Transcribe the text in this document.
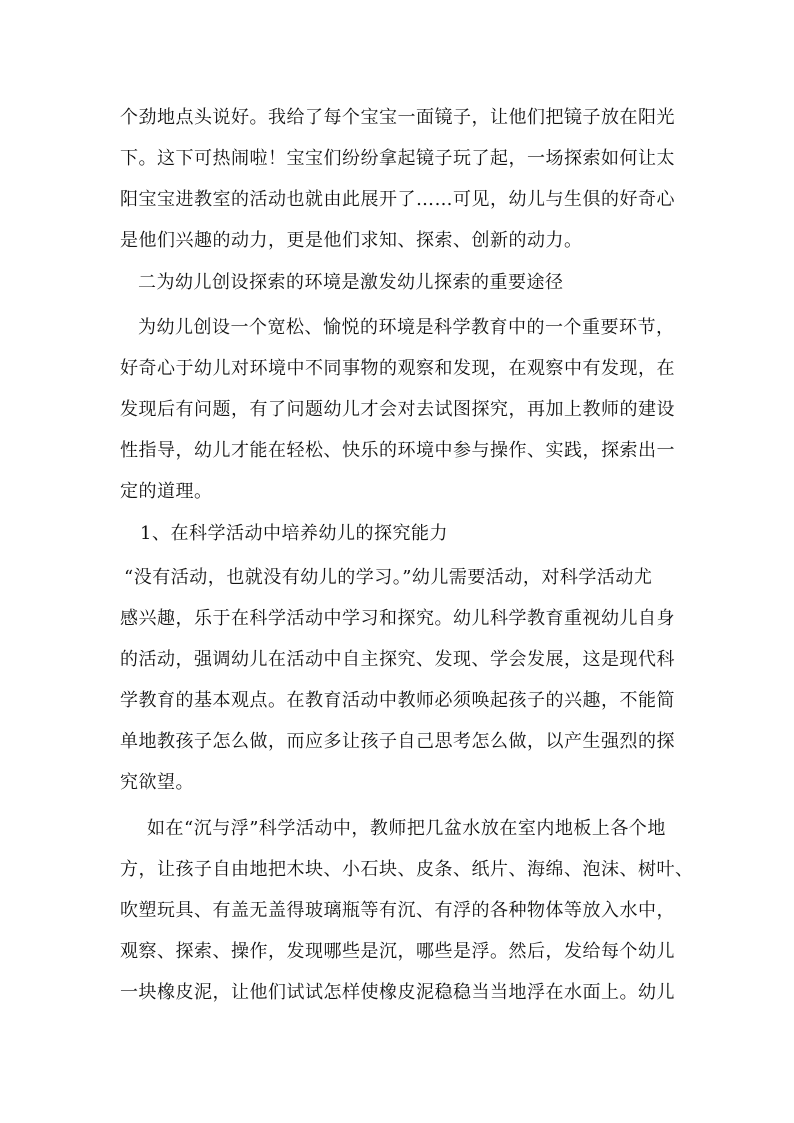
个劲地点头说好。我给了每个宝宝一面镜子，让他们把镜子放在阳光
下。这下可热闹啦！宝宝们纷纷拿起镜子玩了起，一场探索如何让太
阳宝宝进教室的活动也就由此展开了……可见，幼儿与生俱的好奇心
是他们兴趣的动力，更是他们求知、探索、创新的动力。
二为幼儿创设探索的环境是激发幼儿探索的重要途径
为幼儿创设一个宽松、愉悦的环境是科学教育中的一个重要环节，
好奇心于幼儿对环境中不同事物的观察和发现，在观察中有发现，在
发现后有问题，有了问题幼儿才会对去试图探究，再加上教师的建设
性指导，幼儿才能在轻松、快乐的环境中参与操作、实践，探索出一
定的道理。
1、在科学活动中培养幼儿的探究能力
“没有活动，也就没有幼儿的学习。”幼儿需要活动，对科学活动尤
感兴趣，乐于在科学活动中学习和探究。幼儿科学教育重视幼儿自身
的活动，强调幼儿在活动中自主探究、发现、学会发展，这是现代科
学教育的基本观点。在教育活动中教师必须唤起孩子的兴趣，不能简
单地教孩子怎么做，而应多让孩子自己思考怎么做，以产生强烈的探
究欲望。
如在“沉与浮”科学活动中，教师把几盆水放在室内地板上各个地
方，让孩子自由地把木块、小石块、皮条、纸片、海绵、泡沫、树叶、
吹塑玩具、有盖无盖得玻璃瓶等有沉、有浮的各种物体等放入水中，
观察、探索、操作，发现哪些是沉，哪些是浮。然后，发给每个幼儿
一块橡皮泥，让他们试试怎样使橡皮泥稳稳当当地浮在水面上。幼儿
